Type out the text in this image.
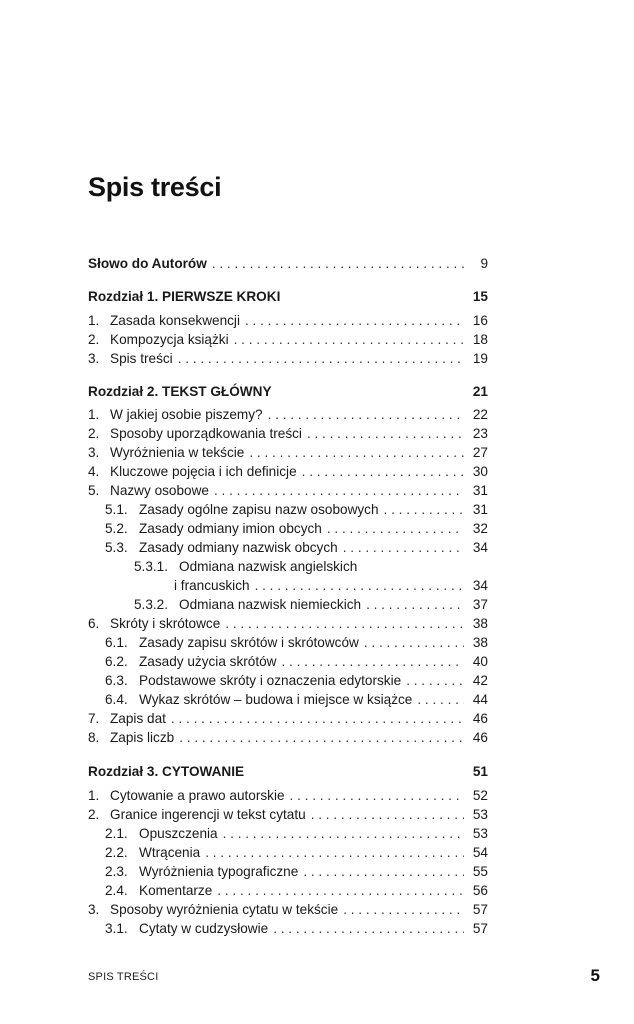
Spis treści
Słowo do Autorów . . .	9
Rozdział 1. PIERWSZE KROKI	15
1. Zasada konsekwencji . . .	16
2. Kompozycja książki . . .	18
3. Spis treści . . .	19
Rozdział 2. TEKST GŁÓWNY	21
1. W jakiej osobie piszemy? . . .	22
2. Sposoby uporządkowania treści . . .	23
3. Wyróżnienia w tekście . . .	27
4. Kluczowe pojęcia i ich definicje . . .	30
5. Nazwy osobowe . . .	31
5.1. Zasady ogólne zapisu nazw osobowych . . .	31
5.2. Zasady odmiany imion obcych . . .	32
5.3. Zasady odmiany nazwisk obcych . . .	34
5.3.1. Odmiana nazwisk angielskich
i francuskich . . .	34
5.3.2. Odmiana nazwisk niemieckich . . .	37
6. Skróty i skrótowce . . .	38
6.1. Zasady zapisu skrótów i skrótowców . . .	38
6.2. Zasady użycia skrótów . . .	40
6.3. Podstawowe skróty i oznaczenia edytorskie . . .	42
6.4. Wykaz skrótów – budowa i miejsce w książce . . .	44
7. Zapis dat . . .	46
8. Zapis liczb . . .	46
Rozdział 3. CYTOWANIE	51
1. Cytowanie a prawo autorskie . . .	52
2. Granice ingerencji w tekst cytatu . . .	53
2.1. Opuszczenia . . .	53
2.2. Wtrącenia . . .	54
2.3. Wyróżnienia typograficzne . . .	55
2.4. Komentarze . . .	56
3. Sposoby wyróżnienia cytatu w tekście . . .	57
3.1. Cytaty w cudzysłowie . . .	57
SPIS TREŚCI	5
